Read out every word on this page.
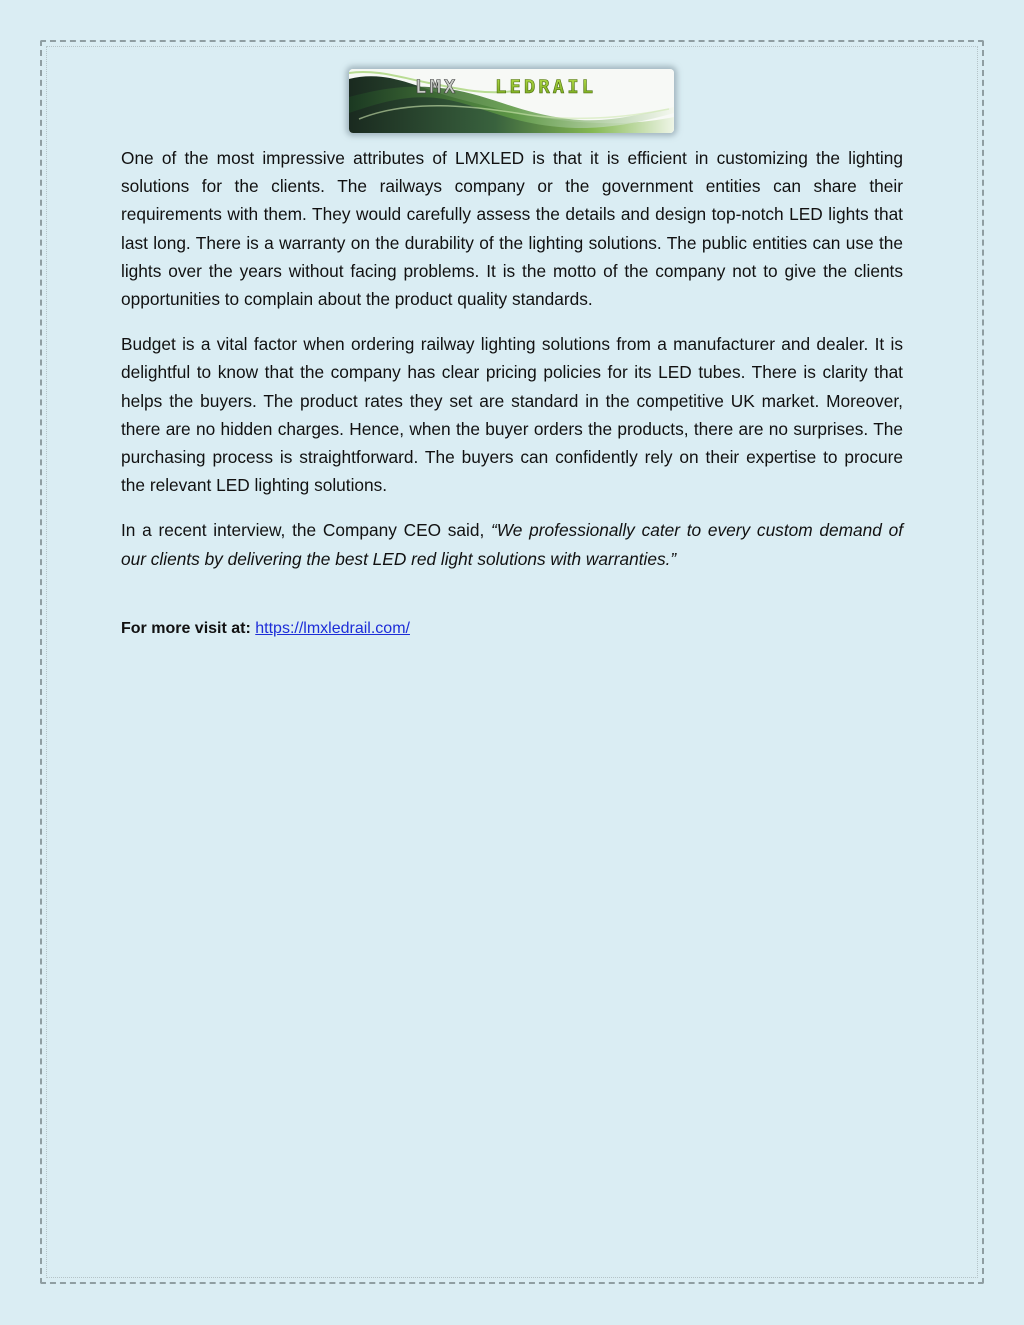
LMX LEDRAIL

One of the most impressive attributes of LMXLED is that it is efficient in customizing the lighting solutions for the clients. The railways company or the government entities can share their requirements with them. They would carefully assess the details and design top-notch LED lights that last long. There is a warranty on the durability of the lighting solutions. The public entities can use the lights over the years without facing problems. It is the motto of the company not to give the clients opportunities to complain about the product quality standards.

Budget is a vital factor when ordering railway lighting solutions from a manufacturer and dealer. It is delightful to know that the company has clear pricing policies for its LED tubes. There is clarity that helps the buyers. The product rates they set are standard in the competitive UK market. Moreover, there are no hidden charges. Hence, when the buyer orders the products, there are no surprises. The purchasing process is straightforward. The buyers can confidently rely on their expertise to procure the relevant LED lighting solutions.

In a recent interview, the Company CEO said, “We professionally cater to every custom demand of our clients by delivering the best LED red light solutions with warranties.”

For more visit at: https://lmxledrail.com/
